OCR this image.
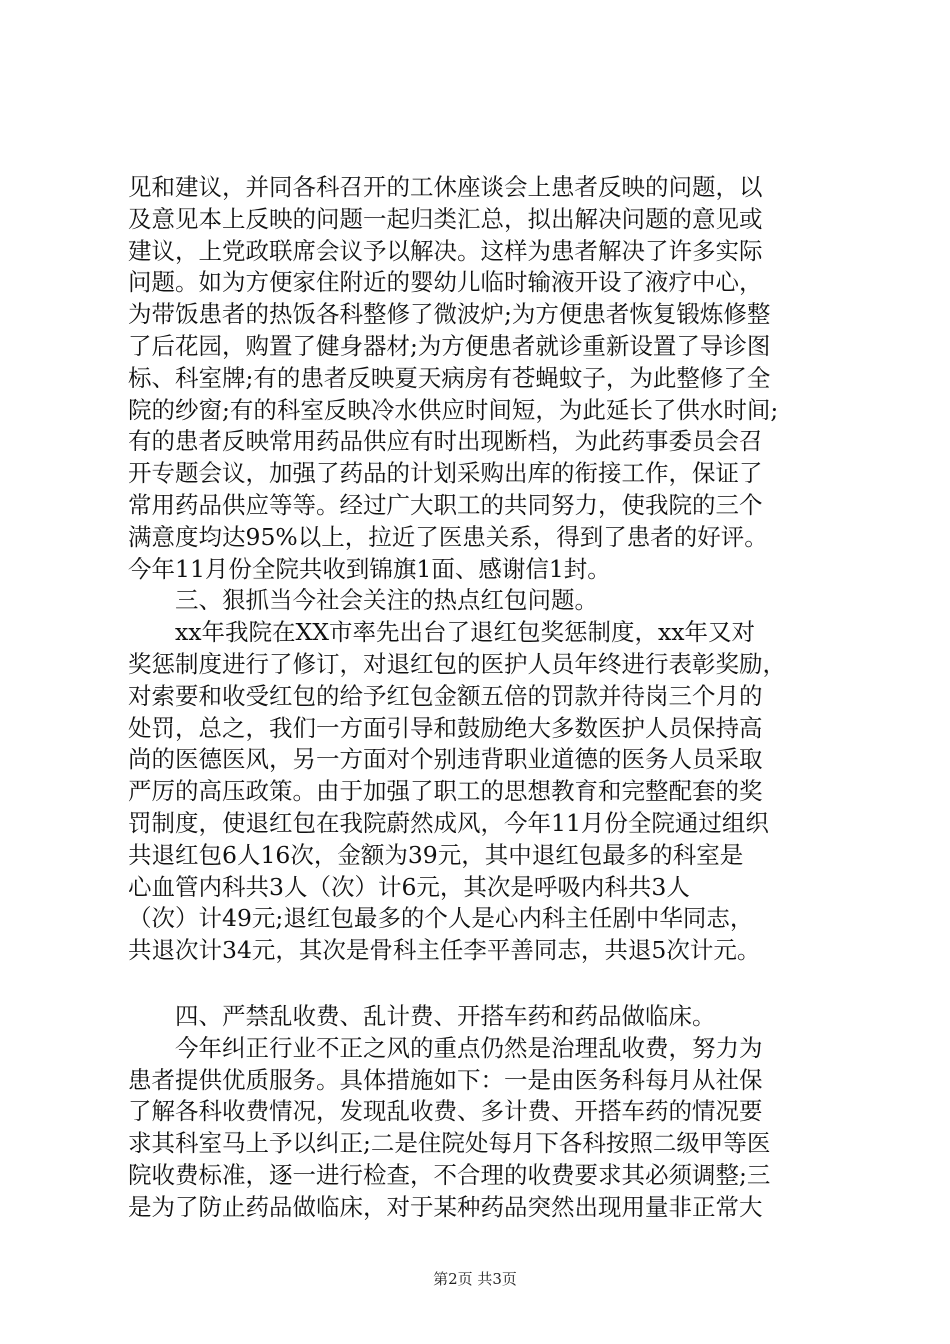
见和建议，并同各科召开的工休座谈会上患者反映的问题，以
及意见本上反映的问题一起归类汇总，拟出解决问题的意见或
建议，上党政联席会议予以解决。这样为患者解决了许多实际
问题。如为方便家住附近的婴幼儿临时输液开设了液疗中心，
为带饭患者的热饭各科整修了微波炉;为方便患者恢复锻炼修整
了后花园，购置了健身器材;为方便患者就诊重新设置了导诊图
标、科室牌;有的患者反映夏天病房有苍蝇蚊子，为此整修了全
院的纱窗;有的科室反映冷水供应时间短，为此延长了供水时间;
有的患者反映常用药品供应有时出现断档，为此药事委员会召
开专题会议，加强了药品的计划采购出库的衔接工作，保证了
常用药品供应等等。经过广大职工的共同努力，使我院的三个
满意度均达95%以上，拉近了医患关系，得到了患者的好评。
今年11月份全院共收到锦旗1面、感谢信1封。
　　三、狠抓当今社会关注的热点红包问题。
　　xx年我院在XX市率先出台了退红包奖惩制度，xx年又对
奖惩制度进行了修订，对退红包的医护人员年终进行表彰奖励，
对索要和收受红包的给予红包金额五倍的罚款并待岗三个月的
处罚，总之，我们一方面引导和鼓励绝大多数医护人员保持高
尚的医德医风，另一方面对个别违背职业道德的医务人员采取
严厉的高压政策。由于加强了职工的思想教育和完整配套的奖
罚制度，使退红包在我院蔚然成风，今年11月份全院通过组织
共退红包6人16次，金额为39元，其中退红包最多的科室是
心血管内科共3人（次）计6元，其次是呼吸内科共3人
（次）计49元;退红包最多的个人是心内科主任剧中华同志，
共退次计34元，其次是骨科主任李平善同志，共退5次计元。
　　四、严禁乱收费、乱计费、开搭车药和药品做临床。
　　今年纠正行业不正之风的重点仍然是治理乱收费，努力为
患者提供优质服务。具体措施如下：一是由医务科每月从社保
了解各科收费情况，发现乱收费、多计费、开搭车药的情况要
求其科室马上予以纠正;二是住院处每月下各科按照二级甲等医
院收费标准，逐一进行检查，不合理的收费要求其必须调整;三
是为了防止药品做临床，对于某种药品突然出现用量非正常大
第2页 共3页
